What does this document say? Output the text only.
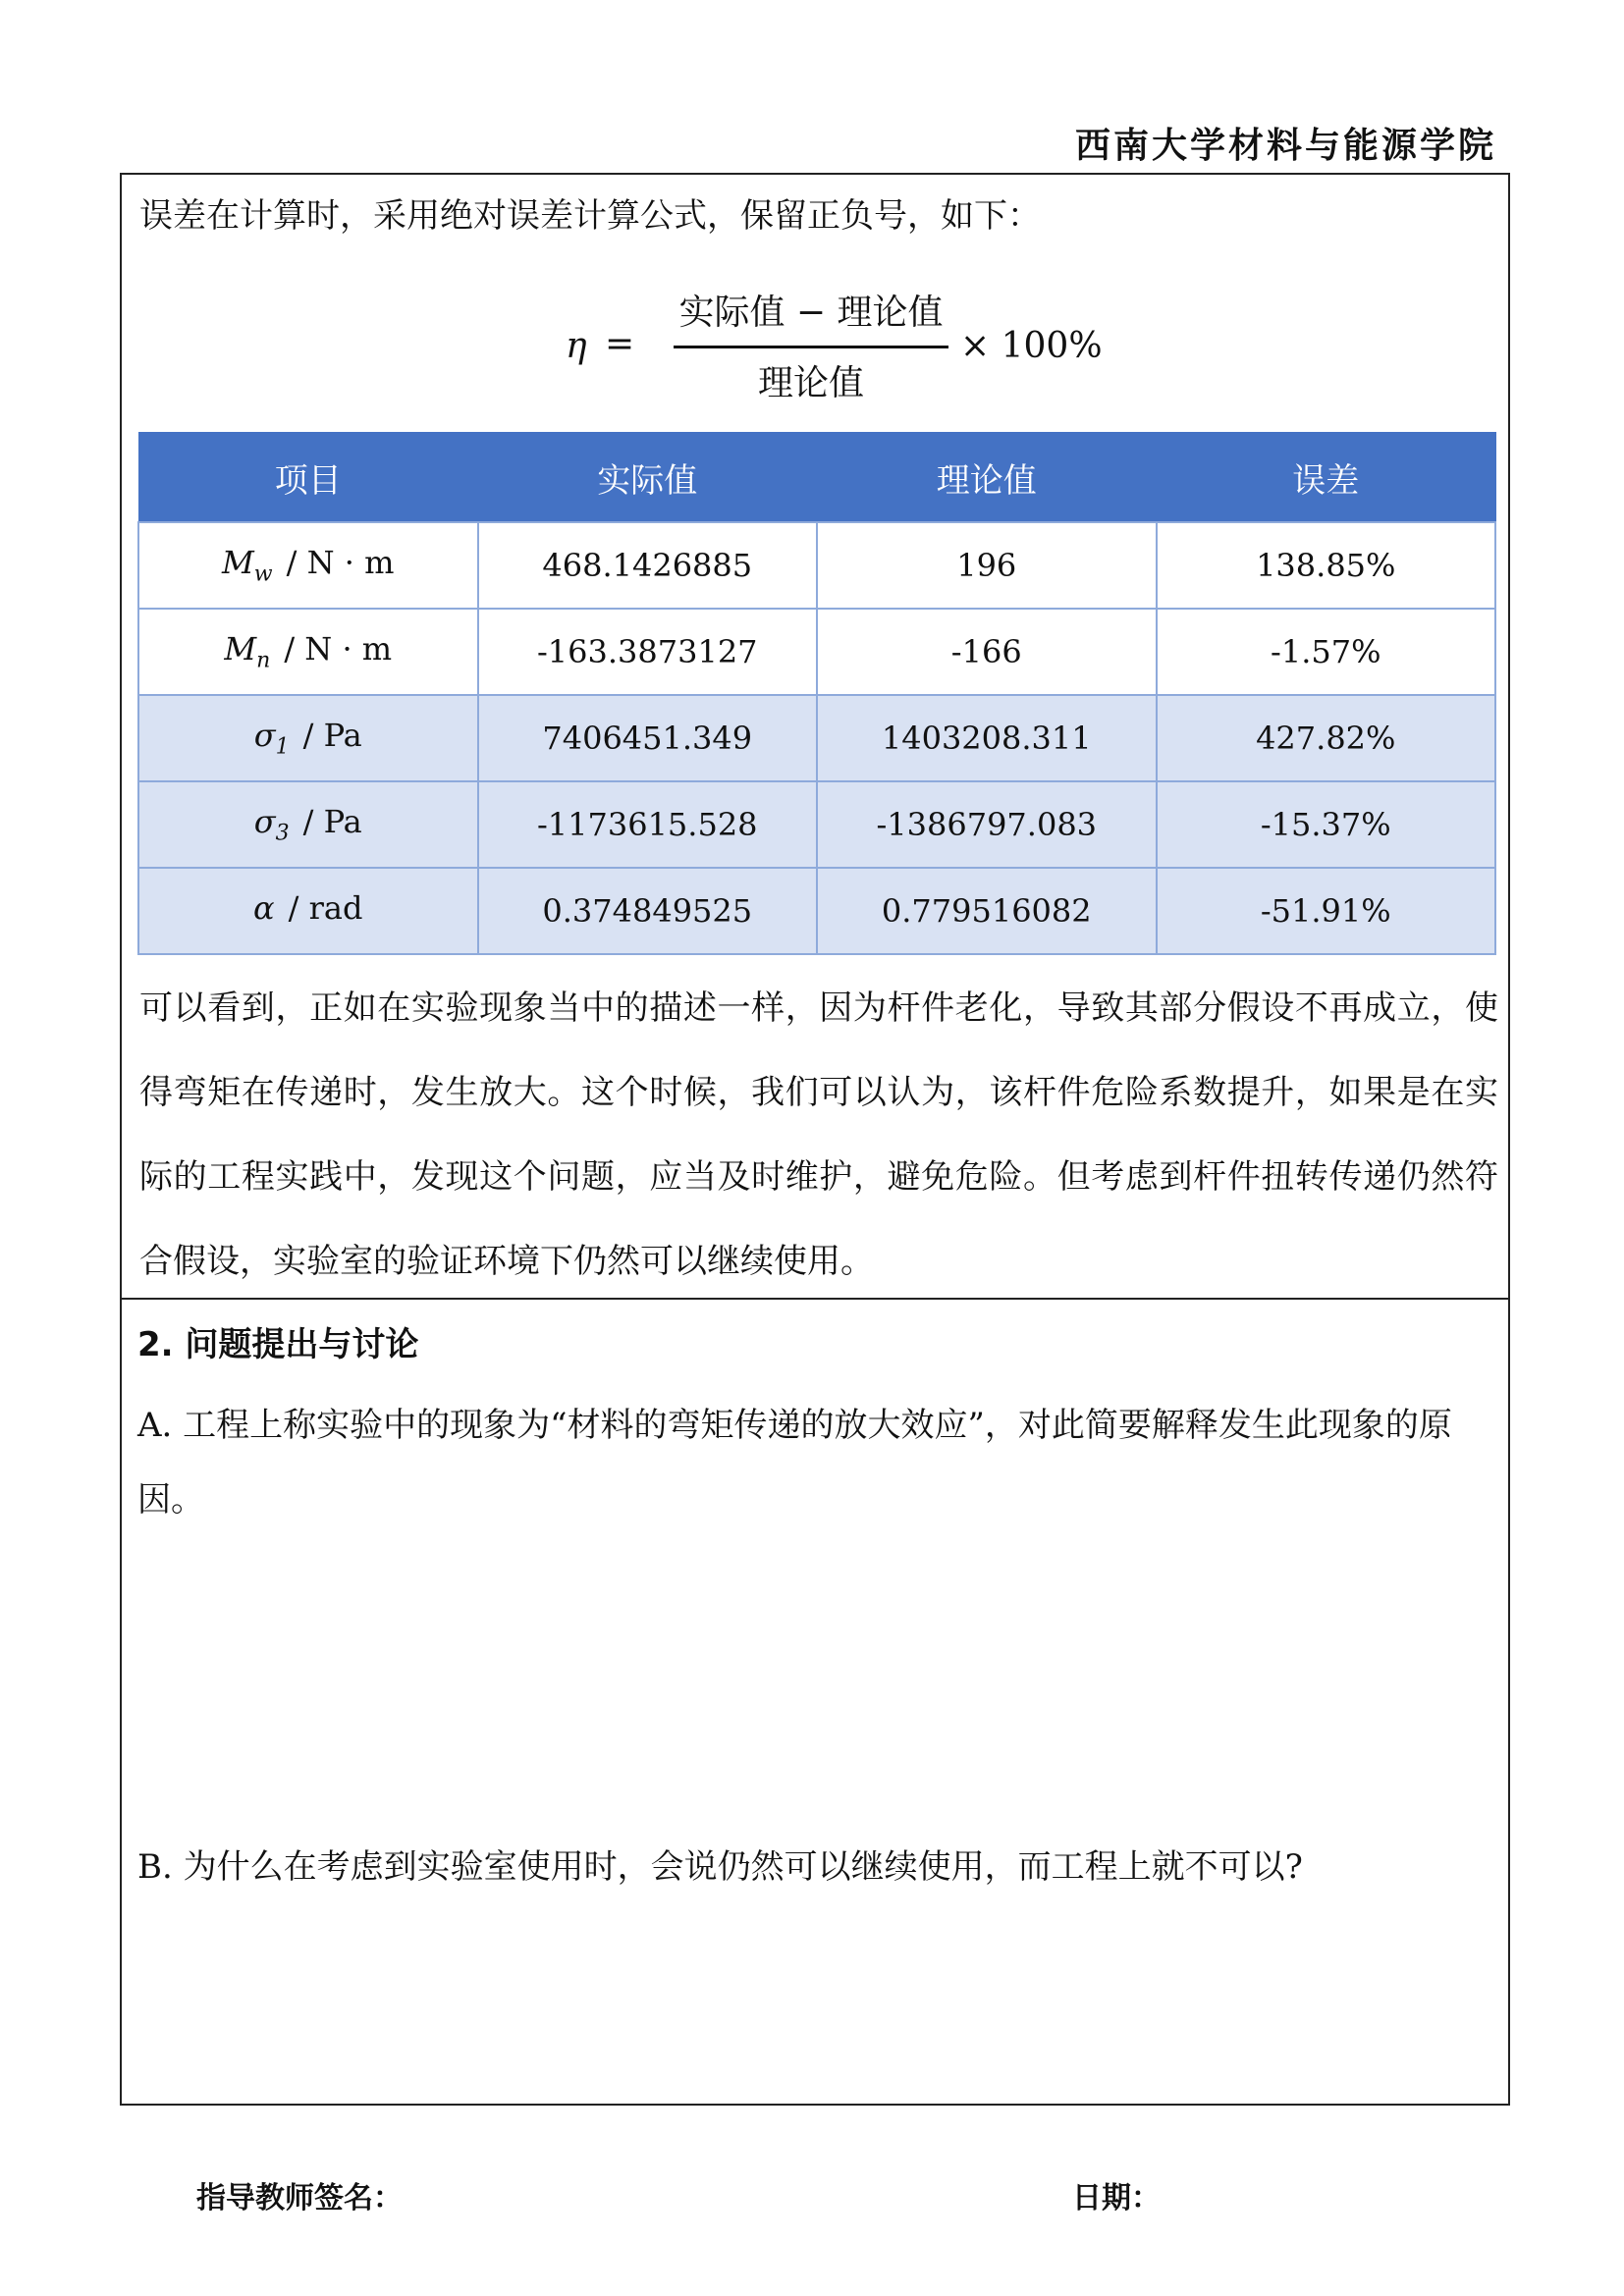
西南大学材料与能源学院
误差在计算时，采用绝对误差计算公式，保留正负号，如下：
η =
实际值 − 理论值
理论值
× 100%
项目	实际值	理论值	误差
$M_w / N \cdot m$	468.1426885	196	138.85%
$M_n / N \cdot m$	-163.3873127	-166	-1.57%
$\sigma_1$ / Pa	7406451.349	1403208.311	427.82%
$\sigma_3$ / Pa	-1173615.528	-1386797.083	-15.37%
α / rad	0.374849525	0.779516082	-51.91%
可以看到，正如在实验现象当中的描述一样，因为杆件老化，导致其部分假设不再成立，使得弯矩在传递时，发生放大。这个时候，我们可以认为，该杆件危险系数提升，如果是在实际的工程实践中，发现这个问题，应当及时维护，避免危险。但考虑到杆件扭转传递仍然符合假设，实验室的验证环境下仍然可以继续使用。
2. 问题提出与讨论
A. 工程上称实验中的现象为“材料的弯矩传递的放大效应”，对此简要解释发生此现象的原因。
B. 为什么在考虑到实验室使用时，会说仍然可以继续使用，而工程上就不可以?
指导教师签名：	日期：
